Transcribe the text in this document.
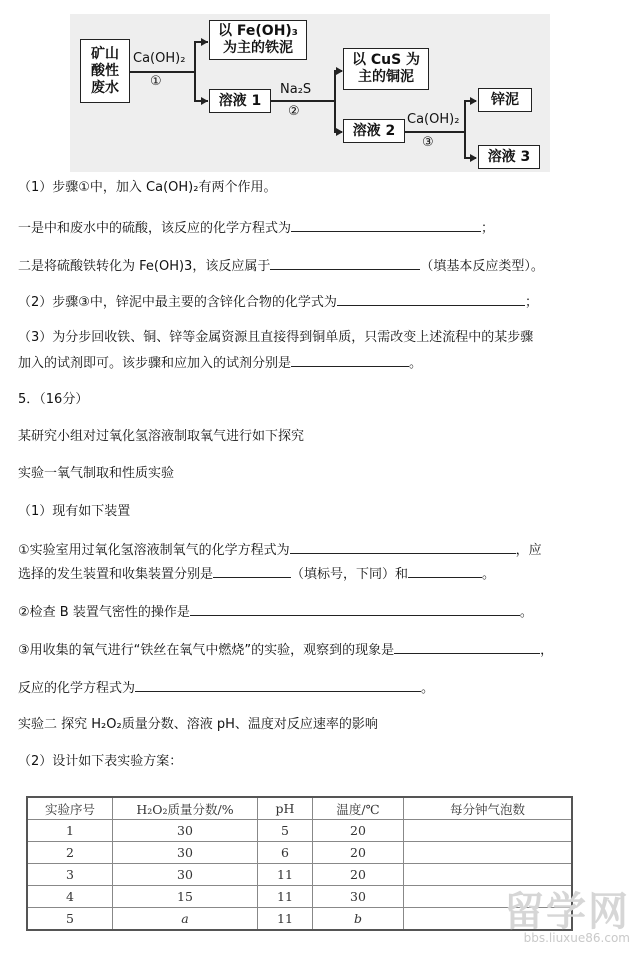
矿山
酸性
废水
Ca(OH)₂
①
以 Fe(OH)₃
为主的铁泥
溶液 1
Na₂S
②
以 CuS 为
主的铜泥
溶液 2
Ca(OH)₂
③
锌泥
溶液 3
（1）步骤①中，加入 Ca(OH)₂有两个作用。
一是中和废水中的硫酸，该反应的化学方程式为	；
二是将硫酸铁转化为 Fe(OH)3，该反应属于	（填基本反应类型）。
（2）步骤③中，锌泥中最主要的含锌化合物的化学式为	；
（3）为分步回收铁、铜、锌等金属资源且直接得到铜单质，只需改变上述流程中的某步骤
加入的试剂即可。该步骤和应加入的试剂分别是	。
5．（16分）
某研究小组对过氧化氢溶液制取氧气进行如下探究
实验一氧气制取和性质实验
（1）现有如下装置
①实验室用过氧化氢溶液制氧气的化学方程式为	，应
选择的发生装置和收集装置分别是	（填标号，下同）和	。
②检查 B 装置气密性的操作是	。
③用收集的氧气进行“铁丝在氧气中燃烧”的实验，观察到的现象是	，
反应的化学方程式为	。
实验二 探究 H₂O₂质量分数、溶液 pH、温度对反应速率的影响
（2）设计如下表实验方案：
实验序号	H₂O₂质量分数/%	pH	温度/℃	每分钟气泡数
1	30	5	20	
2	30	6	20	
3	30	11	20	
4	15	11	30	
5	a	11	b		留学网
bbs.liuxue86.com
